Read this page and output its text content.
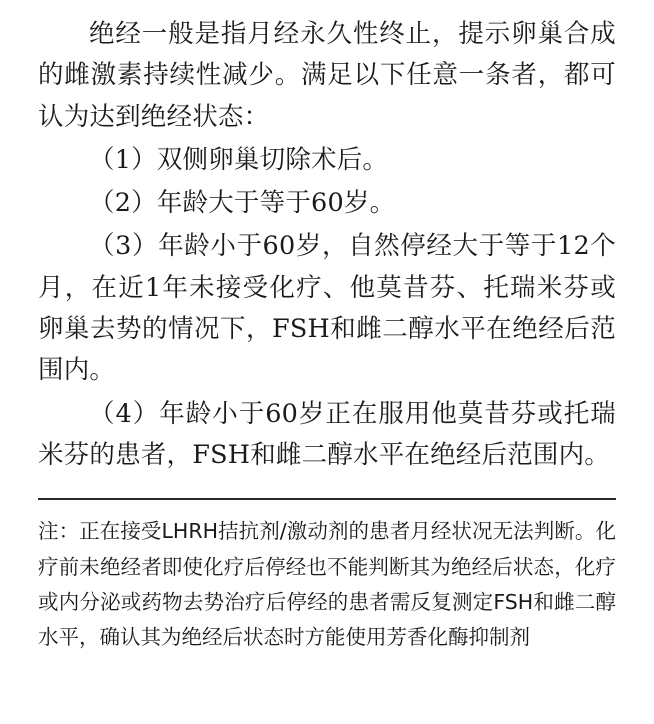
绝经一般是指月经永久性终止，提示卵巢合成的雌激素持续性减少。满足以下任意一条者，都可认为达到绝经状态：

（1）双侧卵巢切除术后。

（2）年龄大于等于60岁。

（3）年龄小于60岁，自然停经大于等于12个月，在近1年未接受化疗、他莫昔芬、托瑞米芬或卵巢去势的情况下，FSH和雌二醇水平在绝经后范围内。

（4）年龄小于60岁正在服用他莫昔芬或托瑞米芬的患者，FSH和雌二醇水平在绝经后范围内。

注：正在接受LHRH拮抗剂/激动剂的患者月经状况无法判断。化疗前未绝经者即使化疗后停经也不能判断其为绝经后状态，化疗或内分泌或药物去势治疗后停经的患者需反复测定FSH和雌二醇水平，确认其为绝经后状态时方能使用芳香化酶抑制剂
